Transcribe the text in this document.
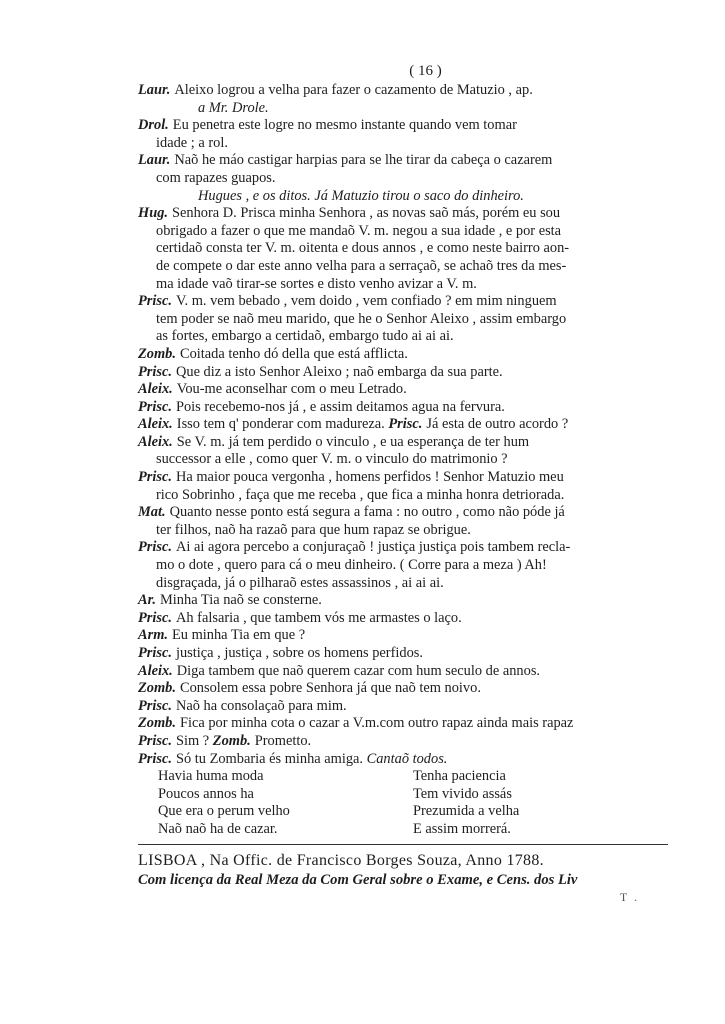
( 16 )
Laur. Aleixo logrou a velha para fazer o cazamento de Matuzio , ap.
a Mr. Drole.
Drol. Eu penetra este logre no mesmo instante quando vem tomar
idade ; a rol.
Laur. Naõ he máo castigar harpias para se lhe tirar da cabeça o cazarem
com rapazes guapos.
Hugues , e os ditos. Já Matuzio tirou o saco do dinheiro.
Hug. Senhora D. Prisca minha Senhora , as novas saõ más, porém eu sou
obrigado a fazer o que me mandaõ V. m. negou a sua idade , e por esta
certidaõ consta ter V. m. oitenta e dous annos , e como neste bairro aon-
de compete o dar este anno velha para a serraçaõ, se achaõ tres da mes-
ma idade vaõ tirar-se sortes e disto venho avizar a V. m.
Prisc. V. m. vem bebado , vem doido , vem confiado ? em mim ninguem
tem poder se naõ meu marido, que he o Senhor Aleixo , assim embargo
as fortes, embargo a certidaõ, embargo tudo ai ai ai.
Zomb. Coitada tenho dó della que está afflicta.
Prisc. Que diz a isto Senhor Aleixo ; naõ embarga da sua parte.
Aleix. Vou-me aconselhar com o meu Letrado.
Prisc. Pois recebemo-nos já , e assim deitamos agua na fervura.
Aleix. Isso tem q' ponderar com madureza. Prisc. Já esta de outro acordo ?
Aleix. Se V. m. já tem perdido o vinculo , e ua esperança de ter hum
successor a elle , como quer V. m. o vinculo do matrimonio ?
Prisc. Ha maior pouca vergonha , homens perfidos ! Senhor Matuzio meu
rico Sobrinho , faça que me receba , que fica a minha honra detriorada.
Mat. Quanto nesse ponto está segura a fama : no outro , como não póde já
ter filhos, naõ ha razaõ para que hum rapaz se obrigue.
Prisc. Ai ai agora percebo a conjuraçaõ ! justiça justiça pois tambem recla-
mo o dote , quero para cá o meu dinheiro. ( Corre para a meza ) Ah!
disgraçada, já o pilharaõ estes assassinos , ai ai ai.
Ar. Minha Tia naõ se consterne.
Prisc. Ah falsaria , que tambem vós me armastes o laço.
Arm. Eu minha Tia em que ?
Prisc. justiça , justiça , sobre os homens perfidos.
Aleix. Diga tambem que naõ querem cazar com hum seculo de annos.
Zomb. Consolem essa pobre Senhora já que naõ tem noivo.
Prisc. Naõ ha consolaçaõ para mim.
Zomb. Fica por minha cota o cazar a V.m.com outro rapaz ainda mais rapaz
Prisc. Sim ? Zomb. Prometto.
Prisc. Só tu Zombaria és minha amiga. Cantaõ todos.
Havia huma moda	Tenha paciencia
Poucos annos ha	Tem vivido assás
Que era o perum velho	Prezumida a velha
Naõ naõ ha de cazar.	E assim morrerá.
LISBOA , Na Offic. de Francisco Borges Souza, Anno 1788.
Com licença da Real Meza da Com Geral sobre o Exame, e Cens. dos Liv
T .
